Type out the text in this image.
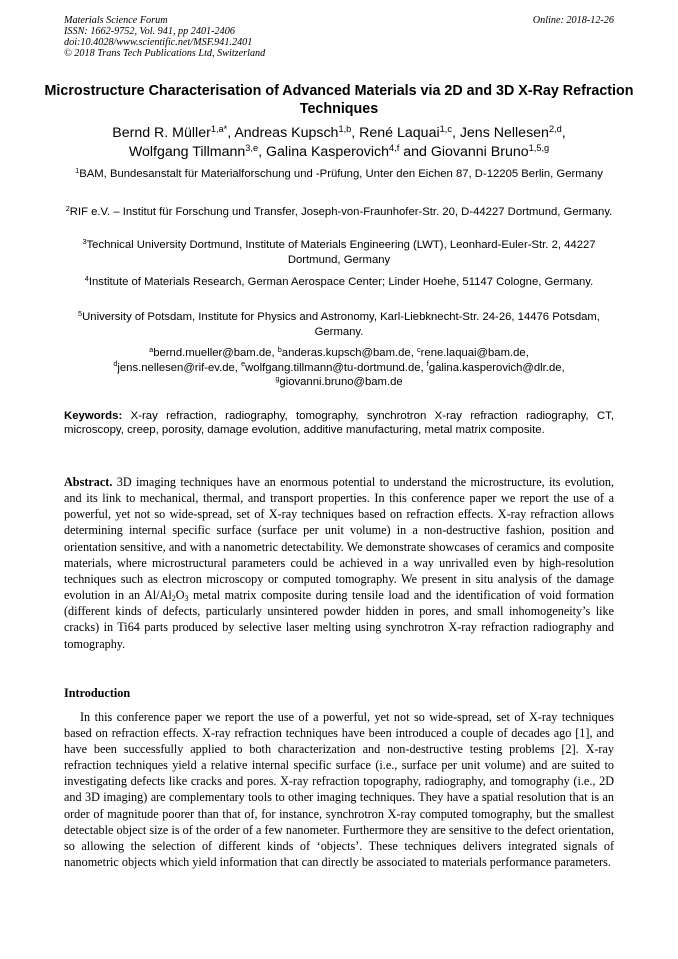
Materials Science Forum
ISSN: 1662-9752, Vol. 941, pp 2401-2406
doi:10.4028/www.scientific.net/MSF.941.2401
© 2018 Trans Tech Publications Ltd, Switzerland
Online: 2018-12-26
Microstructure Characterisation of Advanced Materials via 2D and 3D X-Ray Refraction Techniques
Bernd R. Müller$^{1,a*}$, Andreas Kupsch$^{1,b}$, René Laquai$^{1,c}$, Jens Nellesen$^{2,d}$,
Wolfgang Tillmann$^{3,e}$, Galina Kasperovich$^{4,f}$ and Giovanni Bruno$^{1,5,g}$
$^1$BAM, Bundesanstalt für Materialforschung und -Prüfung, Unter den Eichen 87, D-12205 Berlin, Germany
$^2$RIF e.V. – Institut für Forschung und Transfer, Joseph-von-Fraunhofer-Str. 20, D-44227 Dortmund, Germany.
$^3$Technical University Dortmund, Institute of Materials Engineering (LWT), Leonhard-Euler-Str. 2, 44227 Dortmund, Germany
$^4$Institute of Materials Research, German Aerospace Center; Linder Hoehe, 51147 Cologne, Germany.
$^5$University of Potsdam, Institute for Physics and Astronomy, Karl-Liebknecht-Str. 24-26, 14476 Potsdam, Germany.
$^a$bernd.mueller@bam.de, $^b$anderas.kupsch@bam.de, $^c$rene.laquai@bam.de,
$^d$jens.nellesen@rif-ev.de, $^e$wolfgang.tillmann@tu-dortmund.de, $^f$galina.kasperovich@dlr.de,
$^g$giovanni.bruno@bam.de

Keywords: X-ray refraction, radiography, tomography, synchrotron X-ray refraction radiography, CT, microscopy, creep, porosity, damage evolution, additive manufacturing, metal matrix composite.

Abstract. 3D imaging techniques have an enormous potential to understand the microstructure, its evolution, and its link to mechanical, thermal, and transport properties. In this conference paper we report the use of a powerful, yet not so wide-spread, set of X-ray techniques based on refraction effects. X-ray refraction allows determining internal specific surface (surface per unit volume) in a non-destructive fashion, position and orientation sensitive, and with a nanometric detectability. We demonstrate showcases of ceramics and composite materials, where microstructural parameters could be achieved in a way unrivalled even by high-resolution techniques such as electron microscopy or computed tomography. We present in situ analysis of the damage evolution in an $Al/Al_2O_3$ metal matrix composite during tensile load and the identification of void formation (different kinds of defects, particularly unsintered powder hidden in pores, and small inhomogeneity’s like cracks) in Ti64 parts produced by selective laser melting using synchrotron X-ray refraction radiography and tomography.

Introduction

In this conference paper we report the use of a powerful, yet not so wide-spread, set of X-ray techniques based on refraction effects. X-ray refraction techniques have been introduced a couple of decades ago [1], and have been successfully applied to both characterization and non-destructive testing problems [2]. X-ray refraction techniques yield a relative internal specific surface (i.e., surface per unit volume) and are suited to investigating defects like cracks and pores. X-ray refraction topography, radiography, and tomography (i.e., 2D and 3D imaging) are complementary tools to other imaging techniques. They have a spatial resolution that is an order of magnitude poorer than that of, for instance, synchrotron X-ray computed tomography, but the smallest detectable object size is of the order of a few nanometer. Furthermore they are sensitive to the defect orientation, so allowing the selection of different kinds of ‘objects’. These techniques delivers integrated signals of nanometric objects which yield information that can directly be associated to materials performance parameters.
